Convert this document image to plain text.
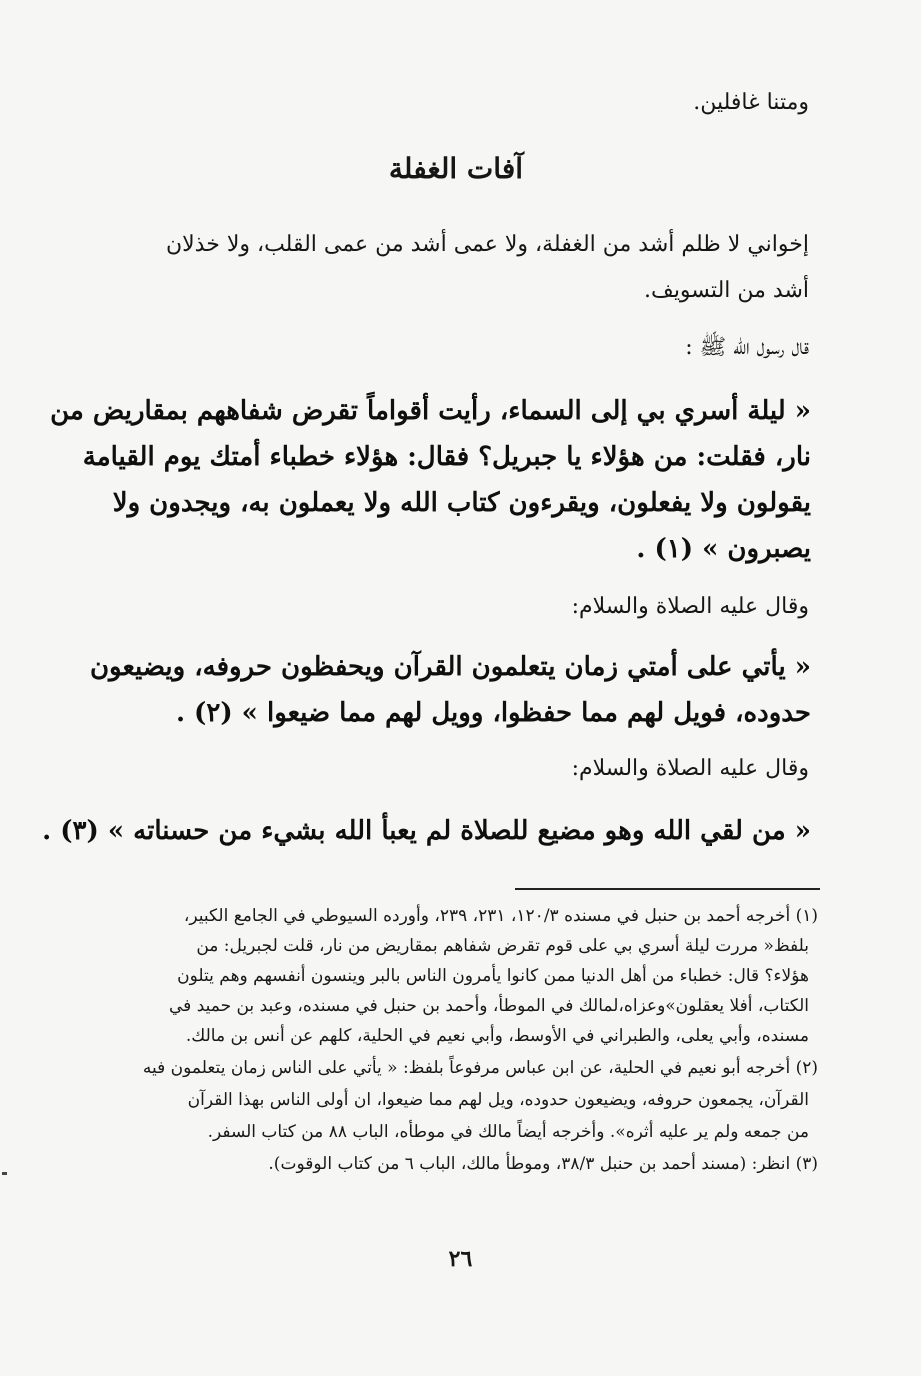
ومتنا غافلين.
آفات الغفلة
إخواني لا ظلم أشد من الغفلة، ولا عمى أشد من عمى القلب، ولا خذلان
أشد من التسويف.
قال رسول الله ﷺ :
« ليلة أسري بي إلى السماء، رأيت أقواماً تقرض شفاههم بمقاريض من
نار، فقلت: من هؤلاء يا جبريل؟ فقال: هؤلاء خطباء أمتك يوم القيامة
يقولون ولا يفعلون، ويقرءون كتاب الله ولا يعملون به، ويجدون ولا
يصبرون » (١) .
وقال عليه الصلاة والسلام:
« يأتي على أمتي زمان يتعلمون القرآن ويحفظون حروفه، ويضيعون
حدوده، فويل لهم مما حفظوا، وويل لهم مما ضيعوا » (٢) .
وقال عليه الصلاة والسلام:
« من لقي الله وهو مضيع للصلاة لم يعبأ الله بشيء من حسناته » (٣) .
(١) أخرجه أحمد بن حنبل في مسنده ١٢٠/٣، ٢٣١، ٢٣٩، وأورده السيوطي في الجامع الكبير،
بلفظ« مررت ليلة أسري بي على قوم تقرض شفاهم بمقاريض من نار، قلت لجبريل: من
هؤلاء؟ قال: خطباء من أهل الدنيا ممن كانوا يأمرون الناس بالبر وينسون أنفسهم وهم يتلون
الكتاب، أفلا يعقلون»وعزاه،لمالك في الموطأ، وأحمد بن حنبل في مسنده، وعبد بن حميد في
مسنده، وأبي يعلى، والطبراني في الأوسط، وأبي نعيم في الحلية، كلهم عن أنس بن مالك.
(٢) أخرجه أبو نعيم في الحلية، عن ابن عباس مرفوعاً بلفظ: « يأتي على الناس زمان يتعلمون فيه
القرآن، يجمعون حروفه، ويضيعون حدوده، ويل لهم مما ضيعوا، ان أولى الناس بهذا القرآن
من جمعه ولم ير عليه أثره». وأخرجه أيضاً مالك في موطأه، الباب ٨٨ من كتاب السفر.
(٣) انظر: (مسند أحمد بن حنبل ٣٨/٣، وموطأ مالك، الباب ٦ من كتاب الوقوت).
٢٦
